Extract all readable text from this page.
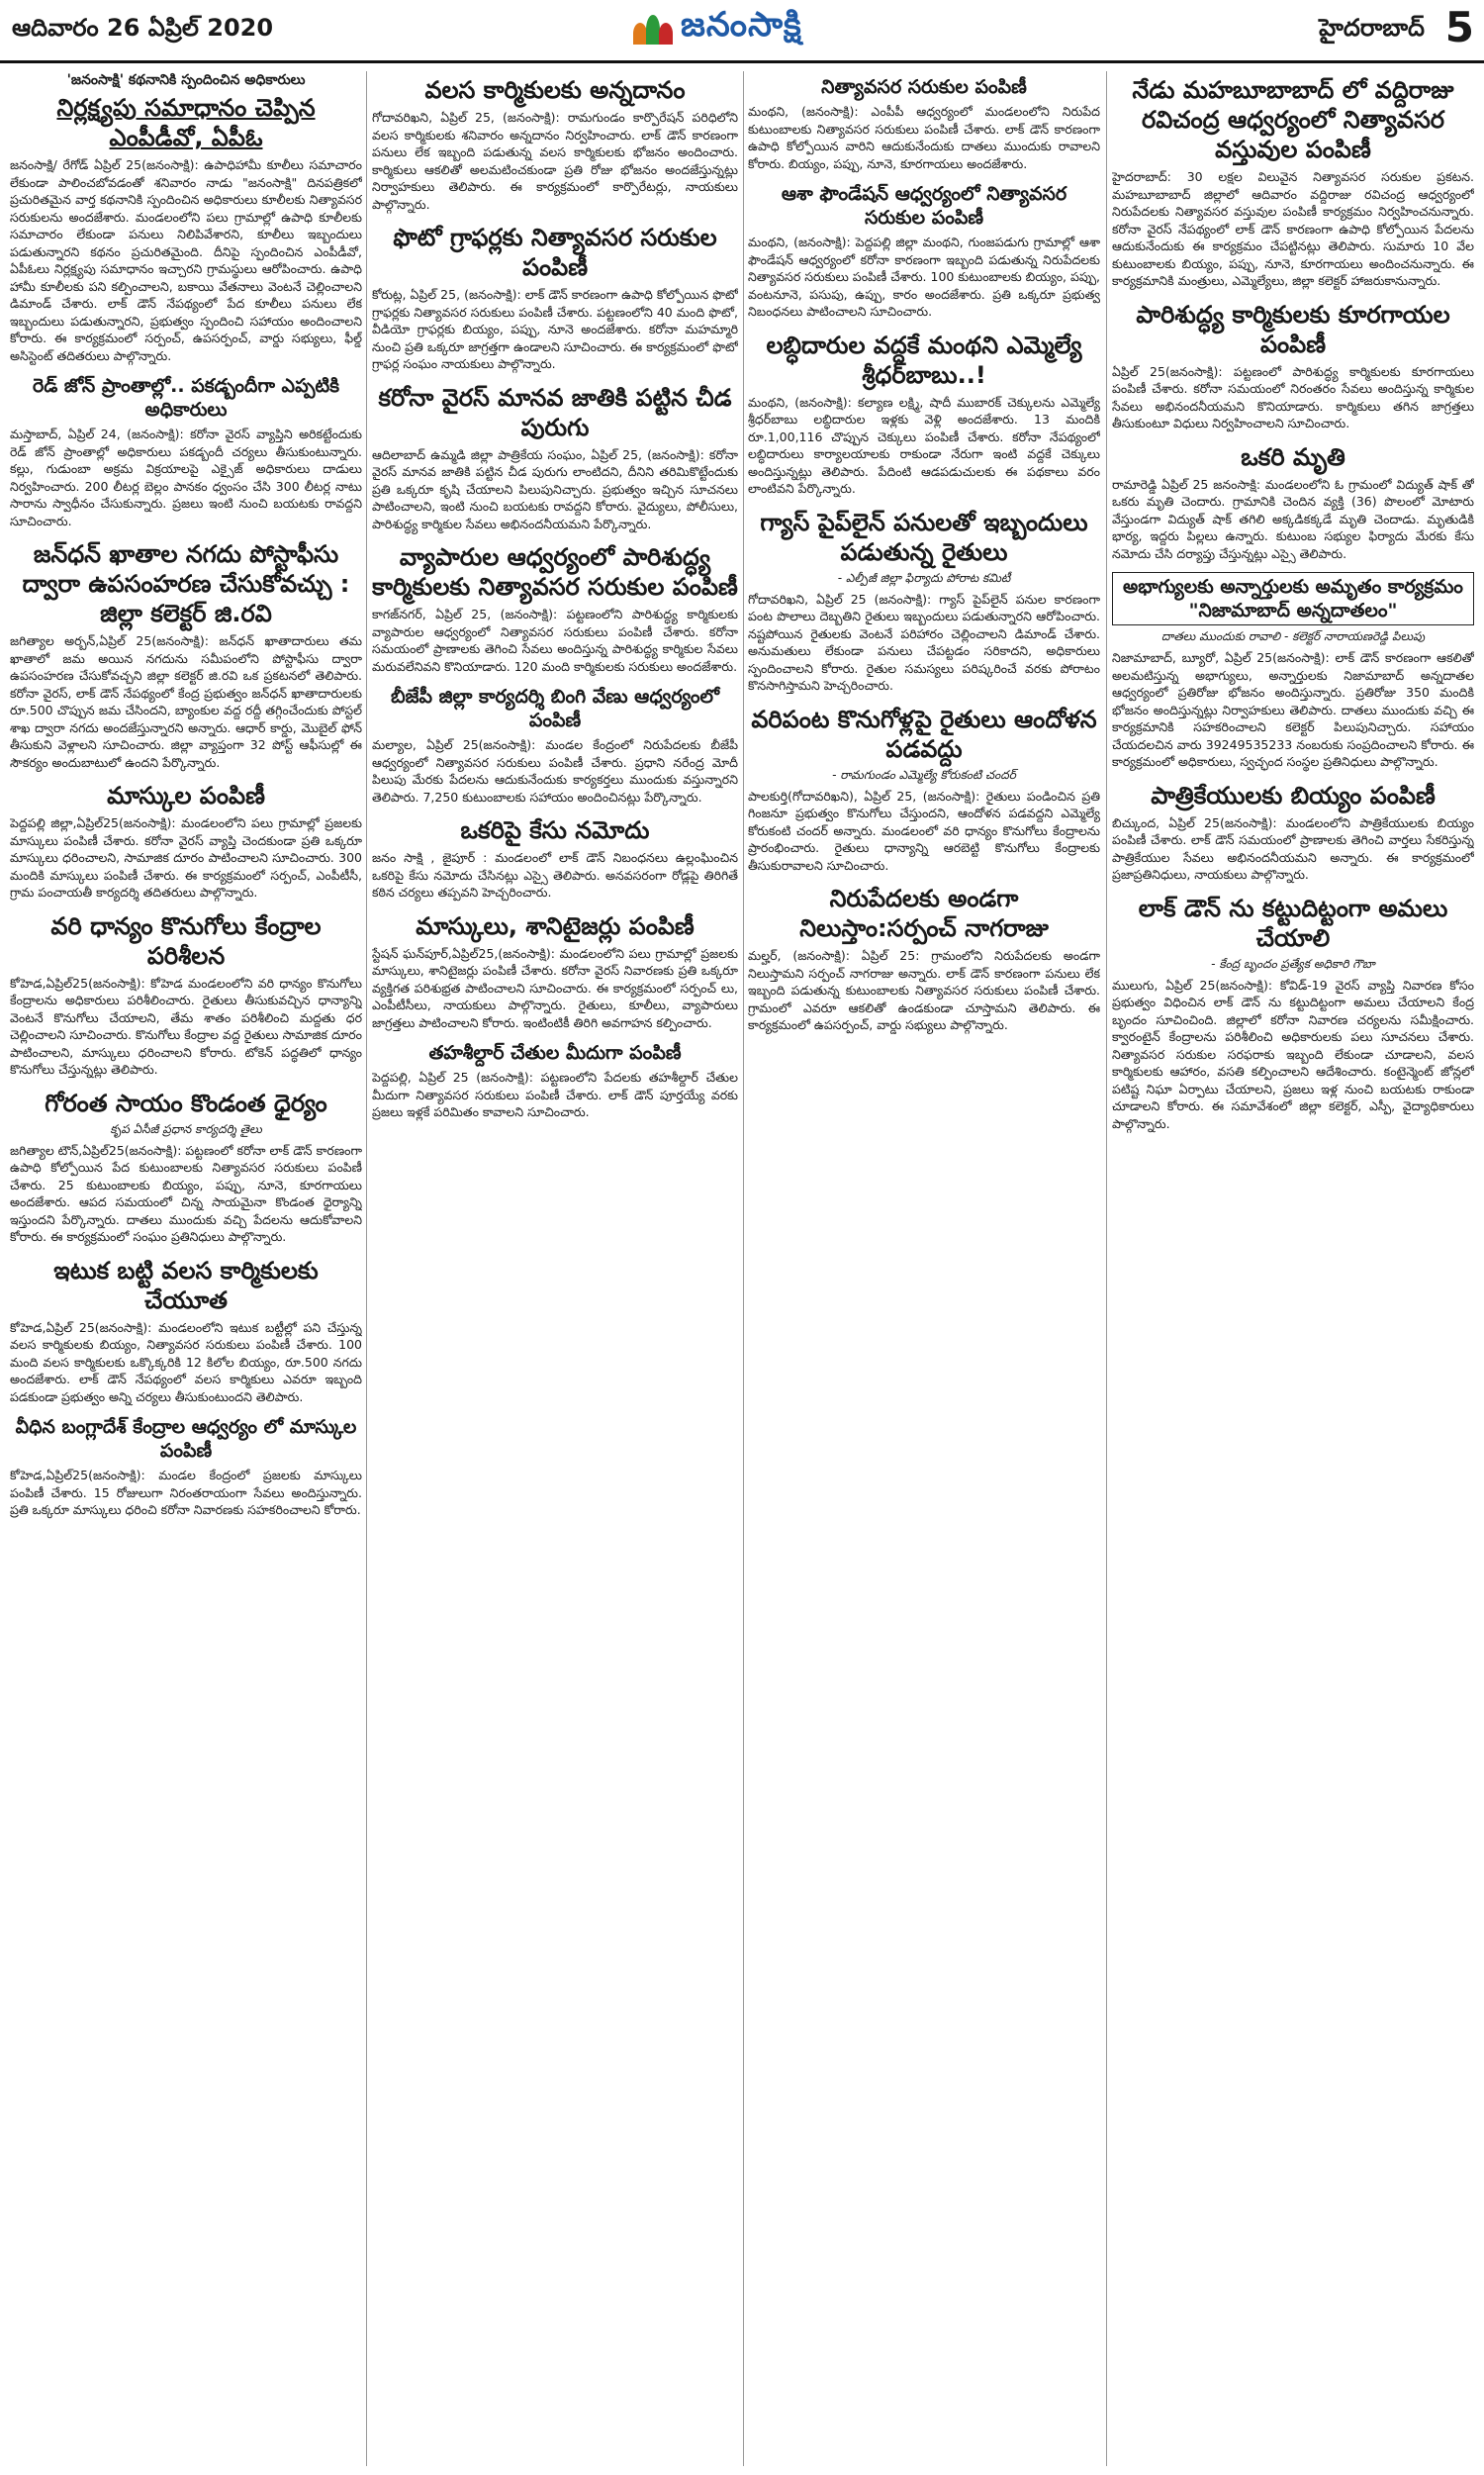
ఆదివారం 26 ఏప్రిల్ 2020	జనంసాక్షి	హైదరాబాద్ 5
'జనంసాక్షి' కథనానికి స్పందించిన అధికారులు
నిర్లక్ష్యపు సమాధానం చెప్పిన ఎంపీడీవో, ఏపీఓ

జనంసాక్షి/ రేగోడ్ ఏప్రిల్ 25(జనంసాక్షి): ఉపాధిహామీ కూలీలు సమాచారం లేకుండా పాలించబోవడంతో శనివారం నాడు "జనంసాక్షి" దినపత్రికలో ప్రచురితమైన వార్త కథనానికి స్పందించిన అధికారులు కూలీలకు నిత్యావసర సరుకులను అందజేశారు. మండలంలోని పలు గ్రామాల్లో ఉపాధి కూలీలకు సమాచారం లేకుండా పనులు నిలిపివేశారని, కూలీలు ఇబ్బందులు పడుతున్నారని కథనం ప్రచురితమైంది. దీనిపై స్పందించిన ఎంపీడీవో, ఏపీఓలు నిర్లక్ష్యపు సమాధానం ఇచ్చారని గ్రామస్థులు ఆరోపించారు. ఉపాధి హామీ కూలీలకు పని కల్పించాలని, బకాయి వేతనాలు వెంటనే చెల్లించాలని డిమాండ్ చేశారు. లాక్ డౌన్ నేపథ్యంలో పేద కూలీలు పనులు లేక ఇబ్బందులు పడుతున్నారని, ప్రభుత్వం స్పందించి సహాయం అందించాలని కోరారు. ఈ కార్యక్రమంలో సర్పంచ్, ఉపసర్పంచ్, వార్డు సభ్యులు, ఫీల్డ్ అసిస్టెంట్ తదితరులు పాల్గొన్నారు.

రెడ్ జోన్ ప్రాంతాల్లో.. పకడ్బందీగా ఎప్పటికి అధికారులు

మస్తాబాద్, ఏప్రిల్ 24, (జనంసాక్షి): కరోనా వైరస్ వ్యాప్తిని అరికట్టేందుకు రెడ్ జోన్ ప్రాంతాల్లో అధికారులు పకడ్బందీ చర్యలు తీసుకుంటున్నారు. కల్లు, గుడుంబా అక్రమ విక్రయాలపై ఎక్సైజ్ అధికారులు దాడులు నిర్వహించారు. 200 లీటర్ల బెల్లం పానకం ధ్వంసం చేసి 300 లీటర్ల నాటు సారాను స్వాధీనం చేసుకున్నారు. ప్రజలు ఇంటి నుంచి బయటకు రావద్దని సూచించారు.

జన్‌ధన్ ఖాతాల నగదు పోస్టాఫీసు ద్వారా ఉపసంహరణ చేసుకోవచ్చు : జిల్లా కలెక్టర్ జి.రవి

జగిత్యాల అర్బన్,ఏప్రిల్ 25(జనంసాక్షి): జన్‌ధన్ ఖాతాదారులు తమ ఖాతాలో జమ అయిన నగదును సమీపంలోని పోస్టాఫీసు ద్వారా ఉపసంహరణ చేసుకోవచ్చని జిల్లా కలెక్టర్ జి.రవి ఒక ప్రకటనలో తెలిపారు. కరోనా వైరస్, లాక్ డౌన్ నేపథ్యంలో కేంద్ర ప్రభుత్వం జన్‌ధన్ ఖాతాదారులకు రూ.500 చొప్పున జమ చేసిందని, బ్యాంకుల వద్ద రద్దీ తగ్గించేందుకు పోస్టల్ శాఖ ద్వారా నగదు అందజేస్తున్నారని అన్నారు. ఆధార్ కార్డు, మొబైల్ ఫోన్ తీసుకుని వెళ్లాలని సూచించారు. జిల్లా వ్యాప్తంగా 32 పోస్ట్ ఆఫీసుల్లో ఈ సౌకర్యం అందుబాటులో ఉందని పేర్కొన్నారు.

మాస్కుల పంపిణీ

పెద్దపల్లి జిల్లా,ఏప్రిల్25(జనంసాక్షి): మండలంలోని పలు గ్రామాల్లో ప్రజలకు మాస్కులు పంపిణీ చేశారు. కరోనా వైరస్ వ్యాప్తి చెందకుండా ప్రతి ఒక్కరూ మాస్కులు ధరించాలని, సామాజిక దూరం పాటించాలని సూచించారు. 300 మందికి మాస్కులు పంపిణీ చేశారు. ఈ కార్యక్రమంలో సర్పంచ్, ఎంపీటీసీ, గ్రామ పంచాయతీ కార్యదర్శి తదితరులు పాల్గొన్నారు.

వరి ధాన్యం కొనుగోలు కేంద్రాల పరిశీలన

కోహెడ,ఏప్రిల్25(జనంసాక్షి): కోహెడ మండలంలోని వరి ధాన్యం కొనుగోలు కేంద్రాలను అధికారులు పరిశీలించారు. రైతులు తీసుకువచ్చిన ధాన్యాన్ని వెంటనే కొనుగోలు చేయాలని, తేమ శాతం పరిశీలించి మద్దతు ధర చెల్లించాలని సూచించారు. కొనుగోలు కేంద్రాల వద్ద రైతులు సామాజిక దూరం పాటించాలని, మాస్కులు ధరించాలని కోరారు. టోకెన్ పద్ధతిలో ధాన్యం కొనుగోలు చేస్తున్నట్లు తెలిపారు.

గోరంత సాయం కొండంత ధైర్యం
కృప ఏసీజీ ప్రధాన కార్యదర్శి తైలు

జగిత్యాల టౌన్,ఏప్రిల్25(జనంసాక్షి): పట్టణంలో కరోనా లాక్ డౌన్ కారణంగా ఉపాధి కోల్పోయిన పేద కుటుంబాలకు నిత్యావసర సరుకులు పంపిణీ చేశారు. 25 కుటుంబాలకు బియ్యం, పప్పు, నూనె, కూరగాయలు అందజేశారు. ఆపద సమయంలో చిన్న సాయమైనా కొండంత ధైర్యాన్ని ఇస్తుందని పేర్కొన్నారు. దాతలు ముందుకు వచ్చి పేదలను ఆదుకోవాలని కోరారు. ఈ కార్యక్రమంలో సంఘం ప్రతినిధులు పాల్గొన్నారు.

ఇటుక బట్టి వలస కార్మికులకు చేయూత

కోహెడ,ఏప్రిల్ 25(జనంసాక్షి): మండలంలోని ఇటుక బట్టీల్లో పని చేస్తున్న వలస కార్మికులకు బియ్యం, నిత్యావసర సరుకులు పంపిణీ చేశారు. 100 మంది వలస కార్మికులకు ఒక్కొక్కరికి 12 కిలోల బియ్యం, రూ.500 నగదు అందజేశారు. లాక్ డౌన్ నేపథ్యంలో వలస కార్మికులు ఎవరూ ఇబ్బంది పడకుండా ప్రభుత్వం అన్ని చర్యలు తీసుకుంటుందని తెలిపారు.

వీధిన బంగ్లాదేశ్ కేంద్రాల ఆధ్వర్యం లో మాస్కుల పంపిణీ

కోహెడ,ఏప్రిల్25(జనంసాక్షి): మండల కేంద్రంలో ప్రజలకు మాస్కులు పంపిణీ చేశారు. 15 రోజులుగా నిరంతరాయంగా సేవలు అందిస్తున్నారు. ప్రతి ఒక్కరూ మాస్కులు ధరించి కరోనా నివారణకు సహకరించాలని కోరారు.

వలస కార్మికులకు అన్నదానం

గోదావరిఖని, ఏప్రిల్ 25, (జనంసాక్షి): రామగుండం కార్పొరేషన్ పరిధిలోని వలస కార్మికులకు శనివారం అన్నదానం నిర్వహించారు. లాక్ డౌన్ కారణంగా పనులు లేక ఇబ్బంది పడుతున్న వలస కార్మికులకు భోజనం అందించారు. కార్మికులు ఆకలితో అలమటించకుండా ప్రతి రోజు భోజనం అందజేస్తున్నట్లు నిర్వాహకులు తెలిపారు. ఈ కార్యక్రమంలో కార్పొరేటర్లు, నాయకులు పాల్గొన్నారు.

ఫొటో గ్రాఫర్లకు నిత్యావసర సరుకుల పంపిణీ

కోరుట్ల, ఏప్రిల్ 25, (జనంసాక్షి): లాక్ డౌన్ కారణంగా ఉపాధి కోల్పోయిన ఫొటో గ్రాఫర్లకు నిత్యావసర సరుకులు పంపిణీ చేశారు. పట్టణంలోని 40 మంది ఫొటో, వీడియో గ్రాఫర్లకు బియ్యం, పప్పు, నూనె అందజేశారు. కరోనా మహమ్మారి నుంచి ప్రతి ఒక్కరూ జాగ్రత్తగా ఉండాలని సూచించారు. ఈ కార్యక్రమంలో ఫొటో గ్రాఫర్ల సంఘం నాయకులు పాల్గొన్నారు.

కరోనా వైరస్ మానవ జాతికి పట్టిన చీడ పురుగు

ఆదిలాబాద్ ఉమ్మడి జిల్లా పాత్రికేయ సంఘం, ఏప్రిల్ 25, (జనంసాక్షి): కరోనా వైరస్ మానవ జాతికి పట్టిన చీడ పురుగు లాంటిదని, దీనిని తరిమికొట్టేందుకు ప్రతి ఒక్కరూ కృషి చేయాలని పిలుపునిచ్చారు. ప్రభుత్వం ఇచ్చిన సూచనలు పాటించాలని, ఇంటి నుంచి బయటకు రావద్దని కోరారు. వైద్యులు, పోలీసులు, పారిశుద్ధ్య కార్మికుల సేవలు అభినందనీయమని పేర్కొన్నారు.

వ్యాపారుల ఆధ్వర్యంలో పారిశుద్ధ్య కార్మికులకు నిత్యావసర సరుకుల పంపిణీ

కాగజ్‌నగర్, ఏప్రిల్ 25, (జనంసాక్షి): పట్టణంలోని పారిశుద్ధ్య కార్మికులకు వ్యాపారుల ఆధ్వర్యంలో నిత్యావసర సరుకులు పంపిణీ చేశారు. కరోనా సమయంలో ప్రాణాలకు తెగించి సేవలు అందిస్తున్న పారిశుద్ధ్య కార్మికుల సేవలు మరువలేనివని కొనియాడారు. 120 మంది కార్మికులకు సరుకులు అందజేశారు.

బీజేపీ జిల్లా కార్యదర్శి బింగి వేణు ఆధ్వర్యంలో పంపిణీ

మల్యాల, ఏప్రిల్ 25(జనంసాక్షి): మండల కేంద్రంలో నిరుపేదలకు బీజేపీ ఆధ్వర్యంలో నిత్యావసర సరుకులు పంపిణీ చేశారు. ప్రధాని నరేంద్ర మోదీ పిలుపు మేరకు పేదలను ఆదుకునేందుకు కార్యకర్తలు ముందుకు వస్తున్నారని తెలిపారు. 7,250 కుటుంబాలకు సహాయం అందించినట్లు పేర్కొన్నారు.

ఒకరిపై కేసు నమోదు

జనం సాక్షి , జైపూర్ : మండలంలో లాక్ డౌన్ నిబంధనలు ఉల్లంఘించిన ఒకరిపై కేసు నమోదు చేసినట్లు ఎస్సై తెలిపారు. అనవసరంగా రోడ్లపై తిరిగితే కఠిన చర్యలు తప్పవని హెచ్చరించారు.

మాస్కులు, శానిటైజర్లు పంపిణీ

స్టేషన్ ఘన్‌పూర్,ఏప్రిల్25,(జనంసాక్షి): మండలంలోని పలు గ్రామాల్లో ప్రజలకు మాస్కులు, శానిటైజర్లు పంపిణీ చేశారు. కరోనా వైరస్ నివారణకు ప్రతి ఒక్కరూ వ్యక్తిగత పరిశుభ్రత పాటించాలని సూచించారు. ఈ కార్యక్రమంలో సర్పంచ్ లు, ఎంపీటీసీలు, నాయకులు పాల్గొన్నారు. రైతులు, కూలీలు, వ్యాపారులు జాగ్రత్తలు పాటించాలని కోరారు. ఇంటింటికీ తిరిగి అవగాహన కల్పించారు.

తహశీల్దార్ చేతుల మీదుగా పంపిణీ

పెద్దపల్లి, ఏప్రిల్ 25 (జనంసాక్షి): పట్టణంలోని పేదలకు తహశీల్దార్ చేతుల మీదుగా నిత్యావసర సరుకులు పంపిణీ చేశారు. లాక్ డౌన్ పూర్తయ్యే వరకు ప్రజలు ఇళ్లకే పరిమితం కావాలని సూచించారు.

నిత్యావసర సరుకుల పంపిణీ

మంథని, (జనంసాక్షి): ఎంపీపీ ఆధ్వర్యంలో మండలంలోని నిరుపేద కుటుంబాలకు నిత్యావసర సరుకులు పంపిణీ చేశారు. లాక్ డౌన్ కారణంగా ఉపాధి కోల్పోయిన వారిని ఆదుకునేందుకు దాతలు ముందుకు రావాలని కోరారు. బియ్యం, పప్పు, నూనె, కూరగాయలు అందజేశారు.

ఆశా ఫౌండేషన్ ఆధ్వర్యంలో నిత్యావసర సరుకుల పంపిణీ

మంథని, (జనంసాక్షి): పెద్దపల్లి జిల్లా మంథని, గుంజపడుగు గ్రామాల్లో ఆశా ఫౌండేషన్ ఆధ్వర్యంలో కరోనా కారణంగా ఇబ్బంది పడుతున్న నిరుపేదలకు నిత్యావసర సరుకులు పంపిణీ చేశారు. 100 కుటుంబాలకు బియ్యం, పప్పు, వంటనూనె, పసుపు, ఉప్పు, కారం అందజేశారు. ప్రతి ఒక్కరూ ప్రభుత్వ నిబంధనలు పాటించాలని సూచించారు.

లబ్ధిదారుల వద్దకే మంథని ఎమ్మెల్యే శ్రీధర్‌బాబు..!

మంథని, (జనంసాక్షి): కల్యాణ లక్ష్మి, షాదీ ముబారక్ చెక్కులను ఎమ్మెల్యే శ్రీధర్‌బాబు లబ్ధిదారుల ఇళ్లకు వెళ్లి అందజేశారు. 13 మందికి రూ.1,00,116 చొప్పున చెక్కులు పంపిణీ చేశారు. కరోనా నేపథ్యంలో లబ్ధిదారులు కార్యాలయాలకు రాకుండా నేరుగా ఇంటి వద్దకే చెక్కులు అందిస్తున్నట్లు తెలిపారు. పేదింటి ఆడపడుచులకు ఈ పథకాలు వరం లాంటివని పేర్కొన్నారు.

గ్యాస్ పైప్‌లైన్ పనులతో ఇబ్బందులు పడుతున్న రైతులు
- ఎల్పీజీ జిల్లా ఫిర్యాదు పోరాట కమిటీ

గోదావరిఖని, ఏప్రిల్ 25 (జనంసాక్షి): గ్యాస్ పైప్‌లైన్ పనుల కారణంగా పంట పొలాలు దెబ్బతిని రైతులు ఇబ్బందులు పడుతున్నారని ఆరోపించారు. నష్టపోయిన రైతులకు వెంటనే పరిహారం చెల్లించాలని డిమాండ్ చేశారు. అనుమతులు లేకుండా పనులు చేపట్టడం సరికాదని, అధికారులు స్పందించాలని కోరారు. రైతుల సమస్యలు పరిష్కరించే వరకు పోరాటం కొనసాగిస్తామని హెచ్చరించారు.

వరిపంట కొనుగోళ్లపై రైతులు ఆందోళన పడవద్దు
- రామగుండం ఎమ్మెల్యే కోరుకంటి చందర్

పాలకుర్తి(గోదావరిఖని), ఏప్రిల్ 25, (జనంసాక్షి): రైతులు పండించిన ప్రతి గింజనూ ప్రభుత్వం కొనుగోలు చేస్తుందని, ఆందోళన పడవద్దని ఎమ్మెల్యే కోరుకంటి చందర్ అన్నారు. మండలంలో వరి ధాన్యం కొనుగోలు కేంద్రాలను ప్రారంభించారు. రైతులు ధాన్యాన్ని ఆరబెట్టి కొనుగోలు కేంద్రాలకు తీసుకురావాలని సూచించారు.

నిరుపేదలకు అండగా నిలుస్తాం:సర్పంచ్ నాగరాజు

మల్హర్, (జనంసాక్షి): ఏప్రిల్ 25: గ్రామంలోని నిరుపేదలకు అండగా నిలుస్తామని సర్పంచ్ నాగరాజు అన్నారు. లాక్ డౌన్ కారణంగా పనులు లేక ఇబ్బంది పడుతున్న కుటుంబాలకు నిత్యావసర సరుకులు పంపిణీ చేశారు. గ్రామంలో ఎవరూ ఆకలితో ఉండకుండా చూస్తామని తెలిపారు. ఈ కార్యక్రమంలో ఉపసర్పంచ్, వార్డు సభ్యులు పాల్గొన్నారు.

నేడు మహబూబాబాద్ లో వద్దిరాజు రవిచంద్ర ఆధ్వర్యంలో నిత్యావసర వస్తువుల పంపిణీ

హైదరాబాద్: 30 లక్షల విలువైన నిత్యావసర సరుకుల ప్రకటన. మహబూబాబాద్ జిల్లాలో ఆదివారం వద్దిరాజు రవిచంద్ర ఆధ్వర్యంలో నిరుపేదలకు నిత్యావసర వస్తువుల పంపిణీ కార్యక్రమం నిర్వహించనున్నారు. కరోనా వైరస్ నేపథ్యంలో లాక్ డౌన్ కారణంగా ఉపాధి కోల్పోయిన పేదలను ఆదుకునేందుకు ఈ కార్యక్రమం చేపట్టినట్లు తెలిపారు. సుమారు 10 వేల కుటుంబాలకు బియ్యం, పప్పు, నూనె, కూరగాయలు అందించనున్నారు. ఈ కార్యక్రమానికి మంత్రులు, ఎమ్మెల్యేలు, జిల్లా కలెక్టర్ హాజరుకానున్నారు.

పారిశుద్ధ్య కార్మికులకు కూరగాయల పంపిణీ

ఏప్రిల్ 25(జనంసాక్షి): పట్టణంలో పారిశుద్ధ్య కార్మికులకు కూరగాయలు పంపిణీ చేశారు. కరోనా సమయంలో నిరంతరం సేవలు అందిస్తున్న కార్మికుల సేవలు అభినందనీయమని కొనియాడారు. కార్మికులు తగిన జాగ్రత్తలు తీసుకుంటూ విధులు నిర్వహించాలని సూచించారు.

ఒకరి మృతి

రామారెడ్డి ఏప్రిల్ 25 జనంసాక్షి: మండలంలోని ఓ గ్రామంలో విద్యుత్ షాక్ తో ఒకరు మృతి చెందారు. గ్రామానికి చెందిన వ్యక్తి (36) పొలంలో మోటారు వేస్తుండగా విద్యుత్ షాక్ తగిలి అక్కడికక్కడే మృతి చెందాడు. మృతుడికి భార్య, ఇద్దరు పిల్లలు ఉన్నారు. కుటుంబ సభ్యుల ఫిర్యాదు మేరకు కేసు నమోదు చేసి దర్యాప్తు చేస్తున్నట్లు ఎస్సై తెలిపారు.

అభాగ్యులకు అన్నార్తులకు అమృతం కార్యక్రమం "నిజామాబాద్ అన్నదాతలం"
దాతలు ముందుకు రావాలి - కలెక్టర్ నారాయణరెడ్డి పిలుపు

నిజామాబాద్, బ్యూరో, ఏప్రిల్ 25(జనంసాక్షి): లాక్ డౌన్ కారణంగా ఆకలితో అలమటిస్తున్న అభాగ్యులు, అన్నార్తులకు నిజామాబాద్ అన్నదాతల ఆధ్వర్యంలో ప్రతిరోజు భోజనం అందిస్తున్నారు. ప్రతిరోజు 350 మందికి భోజనం అందిస్తున్నట్లు నిర్వాహకులు తెలిపారు. దాతలు ముందుకు వచ్చి ఈ కార్యక్రమానికి సహకరించాలని కలెక్టర్ పిలుపునిచ్చారు. సహాయం చేయదలచిన వారు 39249535233 నంబరుకు సంప్రదించాలని కోరారు. ఈ కార్యక్రమంలో అధికారులు, స్వచ్ఛంద సంస్థల ప్రతినిధులు పాల్గొన్నారు.

పాత్రికేయులకు బియ్యం పంపిణీ

బిచ్కుంద, ఏప్రిల్ 25(జనంసాక్షి): మండలంలోని పాత్రికేయులకు బియ్యం పంపిణీ చేశారు. లాక్ డౌన్ సమయంలో ప్రాణాలకు తెగించి వార్తలు సేకరిస్తున్న పాత్రికేయుల సేవలు అభినందనీయమని అన్నారు. ఈ కార్యక్రమంలో ప్రజాప్రతినిధులు, నాయకులు పాల్గొన్నారు.

లాక్ డౌన్ ను కట్టుదిట్టంగా అమలు చేయాలి
- కేంద్ర బృందం ప్రత్యేక అధికారి గౌబా

ములుగు, ఏప్రిల్ 25(జనంసాక్షి): కోవిడ్-19 వైరస్ వ్యాప్తి నివారణ కోసం ప్రభుత్వం విధించిన లాక్ డౌన్ ను కట్టుదిట్టంగా అమలు చేయాలని కేంద్ర బృందం సూచించింది. జిల్లాలో కరోనా నివారణ చర్యలను సమీక్షించారు. క్వారంటైన్ కేంద్రాలను పరిశీలించి అధికారులకు పలు సూచనలు చేశారు. నిత్యావసర సరుకుల సరఫరాకు ఇబ్బంది లేకుండా చూడాలని, వలస కార్మికులకు ఆహారం, వసతి కల్పించాలని ఆదేశించారు. కంటైన్మెంట్ జోన్లలో పటిష్ట నిఘా ఏర్పాటు చేయాలని, ప్రజలు ఇళ్ల నుంచి బయటకు రాకుండా చూడాలని కోరారు. ఈ సమావేశంలో జిల్లా కలెక్టర్, ఎస్పీ, వైద్యాధికారులు పాల్గొన్నారు.
